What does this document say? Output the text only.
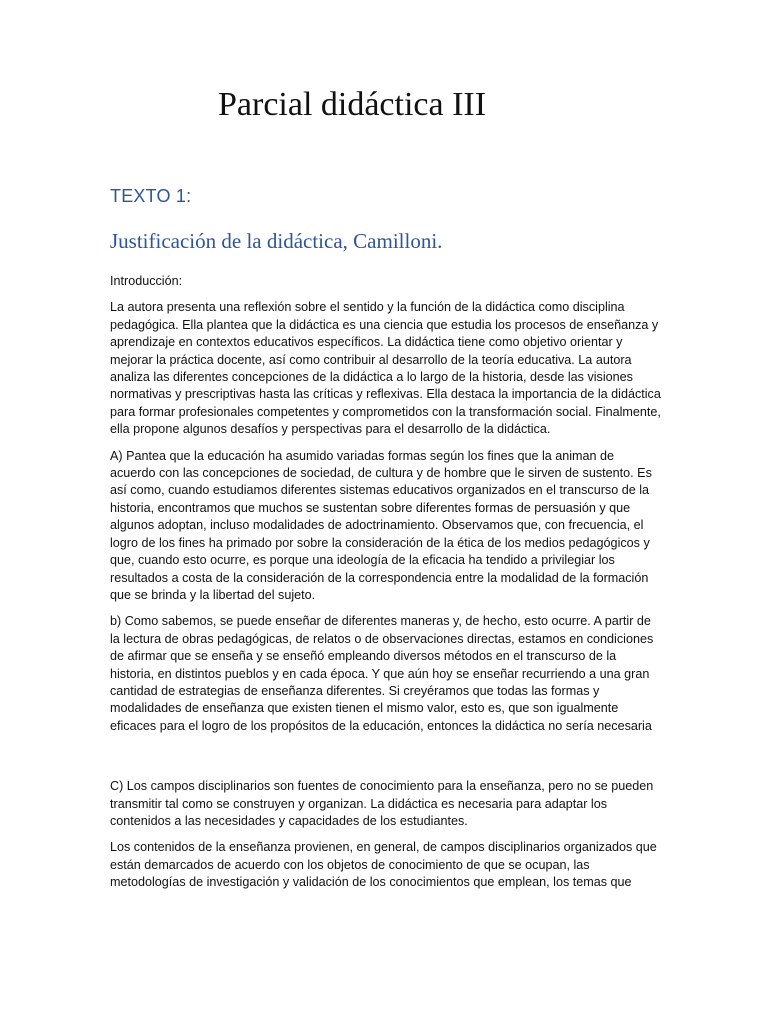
Parcial didáctica III
TEXTO 1:
Justificación de la didáctica, Camilloni.

Introducción:

La autora presenta una reflexión sobre el sentido y la función de la didáctica como disciplina pedagógica. Ella plantea que la didáctica es una ciencia que estudia los procesos de enseñanza y aprendizaje en contextos educativos específicos. La didáctica tiene como objetivo orientar y mejorar la práctica docente, así como contribuir al desarrollo de la teoría educativa. La autora analiza las diferentes concepciones de la didáctica a lo largo de la historia, desde las visiones normativas y prescriptivas hasta las críticas y reflexivas. Ella destaca la importancia de la didáctica para formar profesionales competentes y comprometidos con la transformación social. Finalmente, ella propone algunos desafíos y perspectivas para el desarrollo de la didáctica.

A) Pantea que la educación ha asumido variadas formas según los fines que la animan de acuerdo con las concepciones de sociedad, de cultura y de hombre que le sirven de sustento. Es así como, cuando estudiamos diferentes sistemas educativos organizados en el transcurso de la historia, encontramos que muchos se sustentan sobre diferentes formas de persuasión y que algunos adoptan, incluso modalidades de adoctrinamiento. Observamos que, con frecuencia, el logro de los fines ha primado por sobre la consideración de la ética de los medios pedagógicos y que, cuando esto ocurre, es porque una ideología de la eficacia ha tendido a privilegiar los resultados a costa de la consideración de la correspondencia entre la modalidad de la formación que se brinda y la libertad del sujeto.

b) Como sabemos, se puede enseñar de diferentes maneras y, de hecho, esto ocurre. A partir de la lectura de obras pedagógicas, de relatos o de observaciones directas, estamos en condiciones de afirmar que se enseña y se enseñó empleando diversos métodos en el transcurso de la historia, en distintos pueblos y en cada época. Y que aún hoy se enseñar recurriendo a una gran cantidad de estrategias de enseñanza diferentes. Si creyéramos que todas las formas y modalidades de enseñanza que existen tienen el mismo valor, esto es, que son igualmente eficaces para el logro de los propósitos de la educación, entonces la didáctica no sería necesaria

C) Los campos disciplinarios son fuentes de conocimiento para la enseñanza, pero no se pueden transmitir tal como se construyen y organizan. La didáctica es necesaria para adaptar los contenidos a las necesidades y capacidades de los estudiantes.

Los contenidos de la enseñanza provienen, en general, de campos disciplinarios organizados que están demarcados de acuerdo con los objetos de conocimiento de que se ocupan, las metodologías de investigación y validación de los conocimientos que emplean, los temas que
